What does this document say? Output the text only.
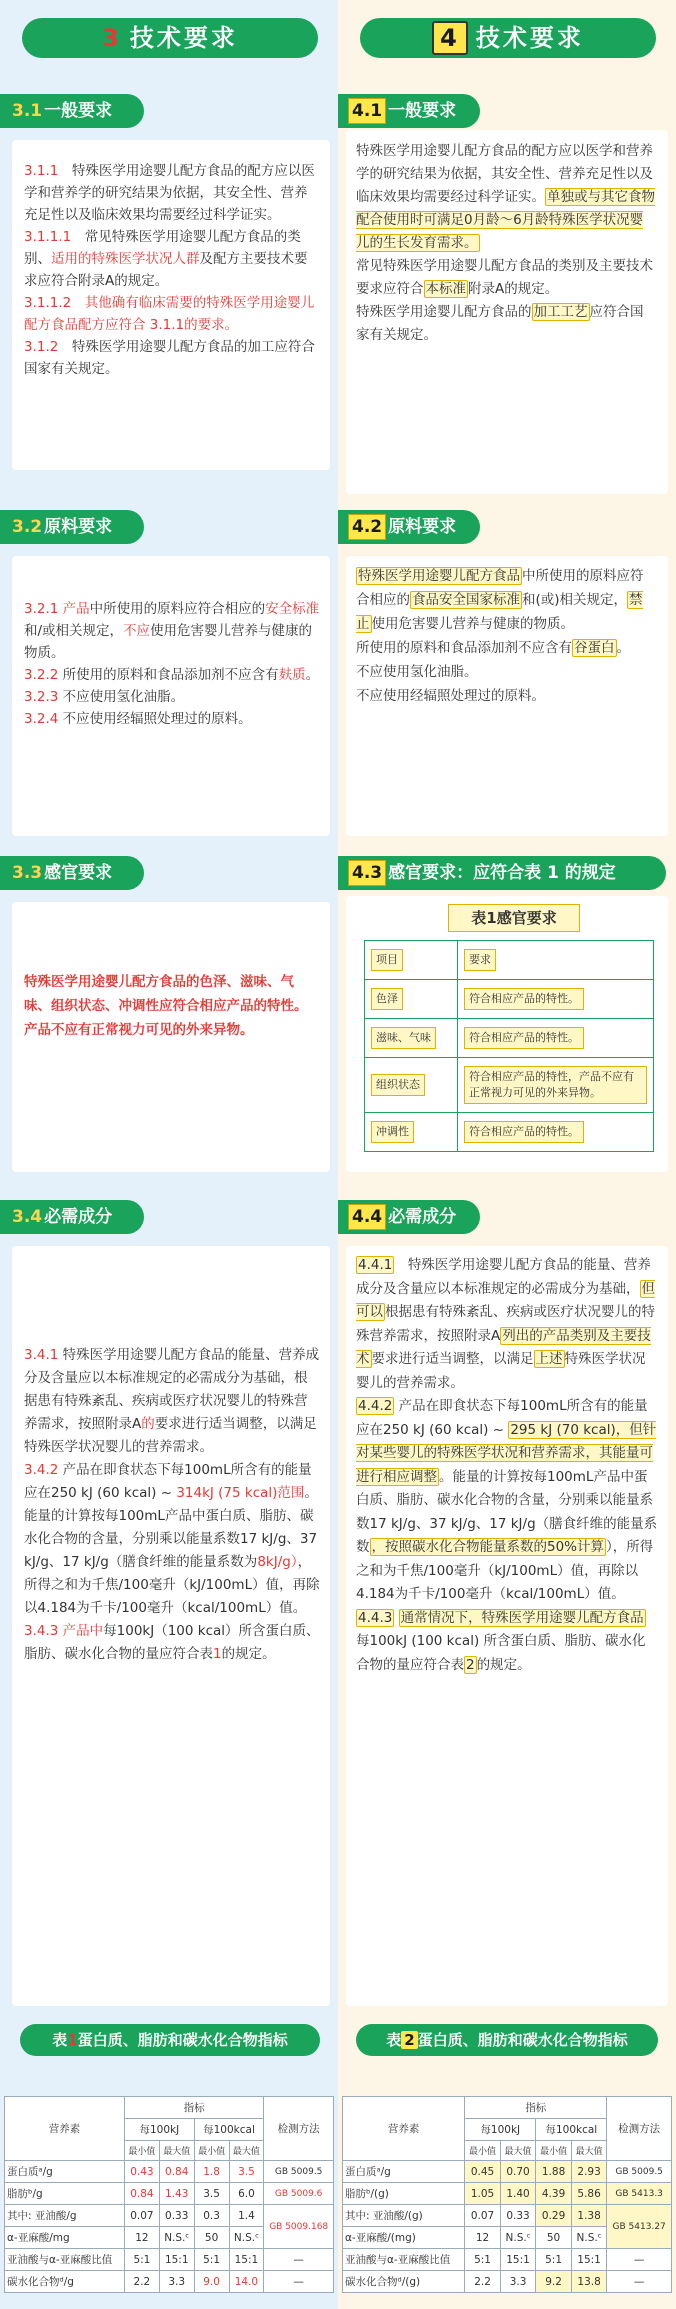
3 技术要求
3.1 一般要求

3.1.1　 特殊医学用途婴儿配方食品的配方应以医学和营养学的研究结果为依据，其安全性、营养充足性以及临床效果均需要经过科学证实。

3.1.1.1　 常见特殊医学用途婴儿配方食品的类别、适用的特殊医学状况人群及配方主要技术要求应符合附录A的规定。

3.1.1.2　其他确有临床需要的特殊医学用途婴儿配方食品配方应符合 3.1.1的要求。

3.1.2　 特殊医学用途婴儿配方食品的加工应符合国家有关规定。

3.2 原料要求

3.2.1 产品中所使用的原料应符合相应的安全标准和/或相关规定，不应使用危害婴儿营养与健康的物质。

3.2.2 所使用的原料和食品添加剂不应含有麸质。

3.2.3 不应使用氢化油脂。

3.2.4 不应使用经辐照处理过的原料。

3.3 感官要求
特殊医学用途婴儿配方食品的色泽、滋味、气味、组织状态、冲调性应符合相应产品的特性。产品不应有正常视力可见的外来异物。
3.4 必需成分

3.4.1 特殊医学用途婴儿配方食品的能量、营养成分及含量应以本标准规定的必需成分为基础，根据患有特殊紊乱、疾病或医疗状况婴儿的特殊营养需求，按照附录A的要求进行适当调整，以满足特殊医学状况婴儿的营养需求。

3.4.2 产品在即食状态下每100mL所含有的能量应在250 kJ (60 kcal) ~ 314kJ (75 kcal)范围。能量的计算按每100mL产品中蛋白质、脂肪、碳水化合物的含量，分别乘以能量系数17 kJ/g、37 kJ/g、17 kJ/g（膳食纤维的能量系数为8kJ/g），所得之和为千焦/100毫升（kJ/100mL）值，再除以4.184为千卡/100毫升（kcal/100mL）值。

3.4.3 产品中每100kJ（100 kcal）所含蛋白质、脂肪、碳水化合物的量应符合表1的规定。

表1蛋白质、脂肪和碳水化合物指标
营养素	指标				检测方法
	每100kJ		每100kcal		
	最小值	最大值	最小值	最大值	
蛋白质ᵃ/g	0.43	0.84	1.8	3.5	GB 5009.5
脂肪ᵇ/g	0.84	1.43	3.5	6.0	GB 5009.6
其中: 亚油酸/g	0.07	0.33	0.3	1.4	GB 5009.168
α-亚麻酸/mg	12	N.S.ᶜ	50	N.S.ᶜ	
亚油酸与α-亚麻酸比值	5:1	15:1	5:1	15:1	—
碳水化合物ᵈ/g	2.2	3.3	9.0	14.0	—
4 技术要求
4.1 一般要求

特殊医学用途婴儿配方食品的配方应以医学和营养学的研究结果为依据，其安全性、营养充足性以及临床效果均需要经过科学证实。 单独或与其它食物配合使用时可满足0月龄～6月龄特殊医学状况婴儿的生长发育需求。

常见特殊医学用途婴儿配方食品的类别及主要技术要求应符合 本标准 附录A的规定。

特殊医学用途婴儿配方食品的 加工工艺 应符合国家有关规定。

4.2 原料要求

特殊医学用途婴儿配方食品 中所使用的原料应符合相应的 食品安全国家标准 和(或)相关规定， 禁止 使用危害婴儿营养与健康的物质。

所使用的原料和食品添加剂不应含有 谷蛋白 。

不应使用氢化油脂。

不应使用经辐照处理过的原料。

4.3 感官要求：应符合表 1 的规定
表1感官要求
项目	要求
色泽	符合相应产品的特性。
滋味、气味	符合相应产品的特性。
组织状态	符合相应产品的特性，产品不应有正常视力可见的外来异物。
冲调性	符合相应产品的特性。
4.4 必需成分

4.4.1　 特殊医学用途婴儿配方食品的能量、营养成分及含量应以本标准规定的必需成分为基础， 但可以 根据患有特殊紊乱、疾病或医疗状况婴儿的特殊营养需求，按照附录A 列出的产品类别及主要技术 要求进行适当调整，以满足 上述 特殊医学状况婴儿的营养需求。

4.4.2 产品在即食状态下每100mL所含有的能量应在250 kJ (60 kcal) ~ 295 kJ (70 kcal)，但针对某些婴儿的特殊医学状况和营养需求，其能量可进行相应调整 。能量的计算按每100mL产品中蛋白质、脂肪、碳水化合物的含量，分别乘以能量系数17 kJ/g、37 kJ/g、17 kJ/g（膳食纤维的能量系数 ，按照碳水化合物能量系数的50%计算 ），所得之和为千焦/100毫升（kJ/100mL）值，再除以4.184为千卡/100毫升（kcal/100mL）值。

4.4.3 通常情况下，特殊医学用途婴儿配方食品每100kJ (100 kcal) 所含蛋白质、脂肪、碳水化合物的量应符合表 2 的规定。

表 2 蛋白质、脂肪和碳水化合物指标
营养素	指标				检测方法
	每100kJ		每100kcal		
	最小值	最大值	最小值	最大值	
蛋白质ᵃ/g	0.45	0.70	1.88	2.93	GB 5009.5
脂肪ᵇ/(g)	1.05	1.40	4.39	5.86	GB 5413.3
其中: 亚油酸/(g)	0.07	0.33	0.29	1.38	GB 5413.27
α-亚麻酸/(mg)	12	N.S.ᶜ	50	N.S.ᶜ	
亚油酸与α-亚麻酸比值	5:1	15:1	5:1	15:1	—
碳水化合物ᵈ/(g)	2.2	3.3	9.2	13.8	—
